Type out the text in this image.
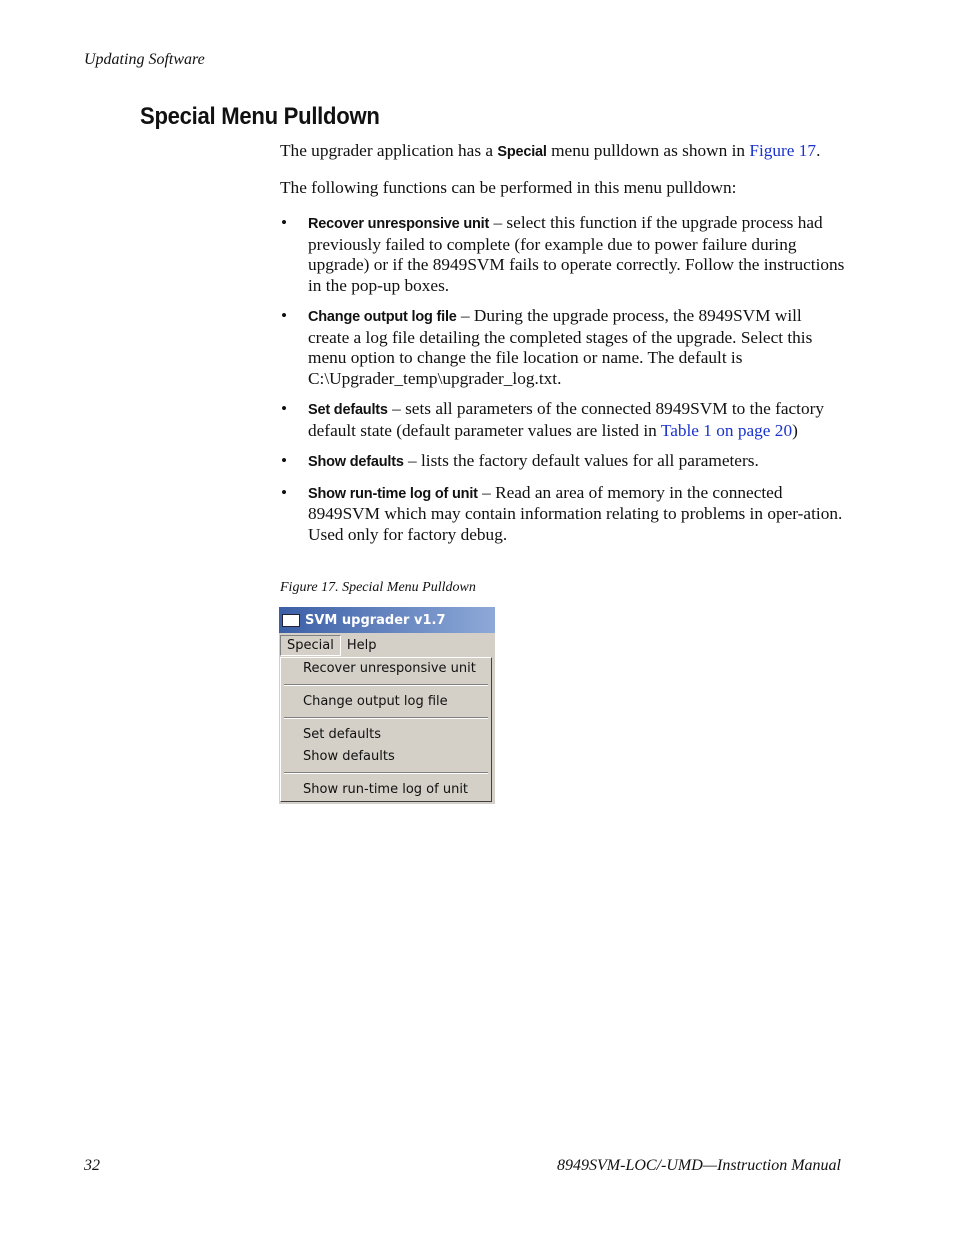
Updating Software
Special Menu Pulldown

The upgrader application has a Special menu pulldown as shown in Figure 17.

The following functions can be performed in this menu pulldown:

• Recover unresponsive unit – select this function if the upgrade process had previously failed to complete (for example due to power failure during upgrade) or if the 8949SVM fails to operate correctly. Follow the instructions in the pop-up boxes.
• Change output log file – During the upgrade process, the 8949SVM will create a log file detailing the completed stages of the upgrade. Select this menu option to change the file location or name. The default is C:\Upgrader_temp\upgrader_log.txt.
• Set defaults – sets all parameters of the connected 8949SVM to the factory default state (default parameter values are listed in Table 1 on page 20)
• Show defaults – lists the factory default values for all parameters.
• Show run-time log of unit – Read an area of memory in the connected 8949SVM which may contain information relating to problems in oper-ation. Used only for factory debug.
Figure 17. Special Menu Pulldown
SVM upgrader v1.7
Special	Help
Recover unresponsive unit
Change output log file
Set defaults
Show defaults
Show run-time log of unit
32	8949SVM-LOC/-UMD—Instruction Manual
